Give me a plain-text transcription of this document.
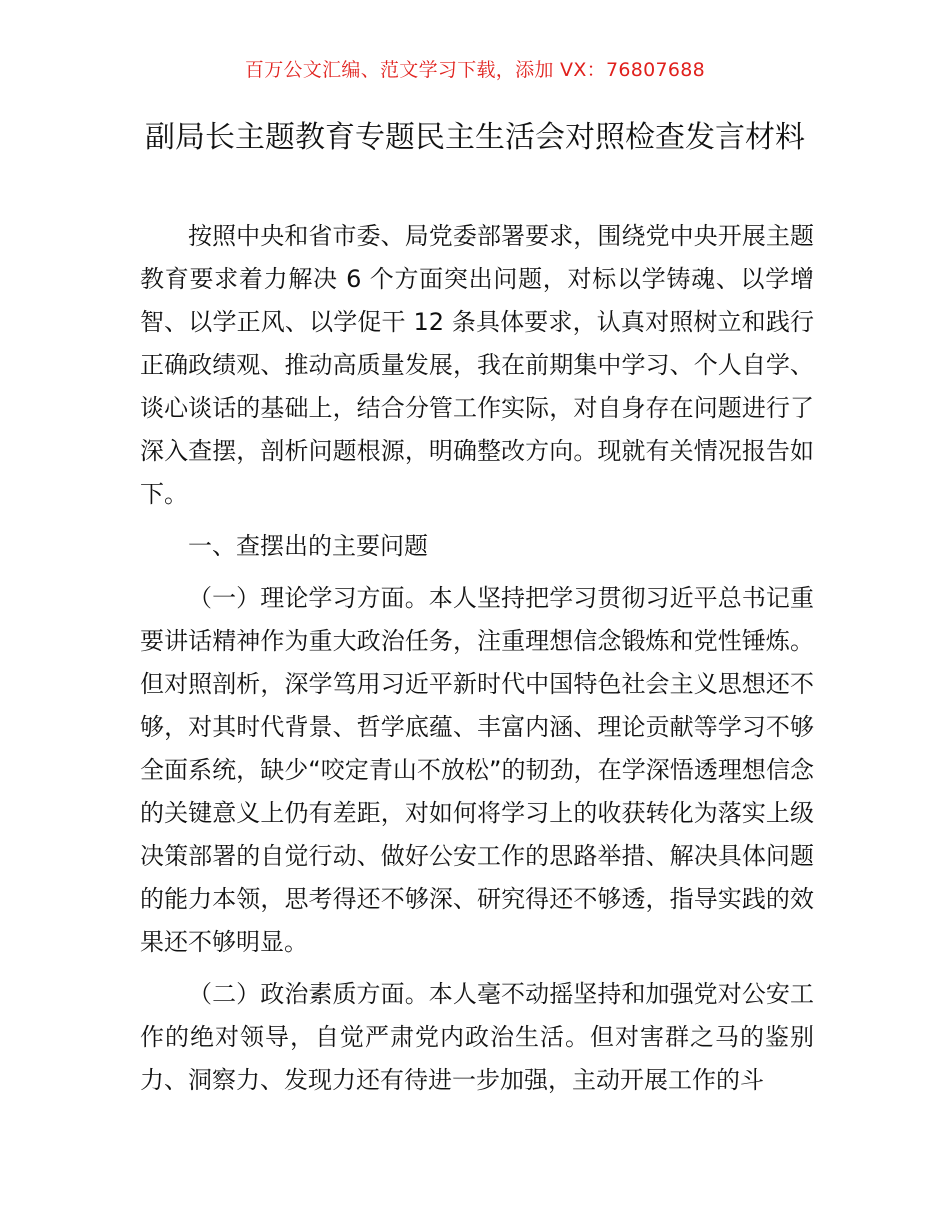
百万公文汇编、范文学习下载，添加 VX：76807688
副局长主题教育专题民主生活会对照检查发言材料

按照中央和省市委、局党委部署要求，围绕党中央开展主题教育要求着力解决 6 个方面突出问题，对标以学铸魂、以学增智、以学正风、以学促干 12 条具体要求，认真对照树立和践行正确政绩观、推动高质量发展，我在前期集中学习、个人自学、谈心谈话的基础上，结合分管工作实际，对自身存在问题进行了深入查摆，剖析问题根源，明确整改方向。现就有关情况报告如下。

一、查摆出的主要问题

（一）理论学习方面。本人坚持把学习贯彻习近平总书记重要讲话精神作为重大政治任务，注重理想信念锻炼和党性锤炼。但对照剖析，深学笃用习近平新时代中国特色社会主义思想还不够，对其时代背景、哲学底蕴、丰富内涵、理论贡献等学习不够全面系统，缺少“咬定青山不放松”的韧劲，在学深悟透理想信念的关键意义上仍有差距，对如何将学习上的收获转化为落实上级决策部署的自觉行动、做好公安工作的思路举措、解决具体问题的能力本领，思考得还不够深、研究得还不够透，指导实践的效果还不够明显。

（二）政治素质方面。本人毫不动摇坚持和加强党对公安工作的绝对领导，自觉严肃党内政治生活。但对害群之马的鉴别力、洞察力、发现力还有待进一步加强，主动开展工作的斗
